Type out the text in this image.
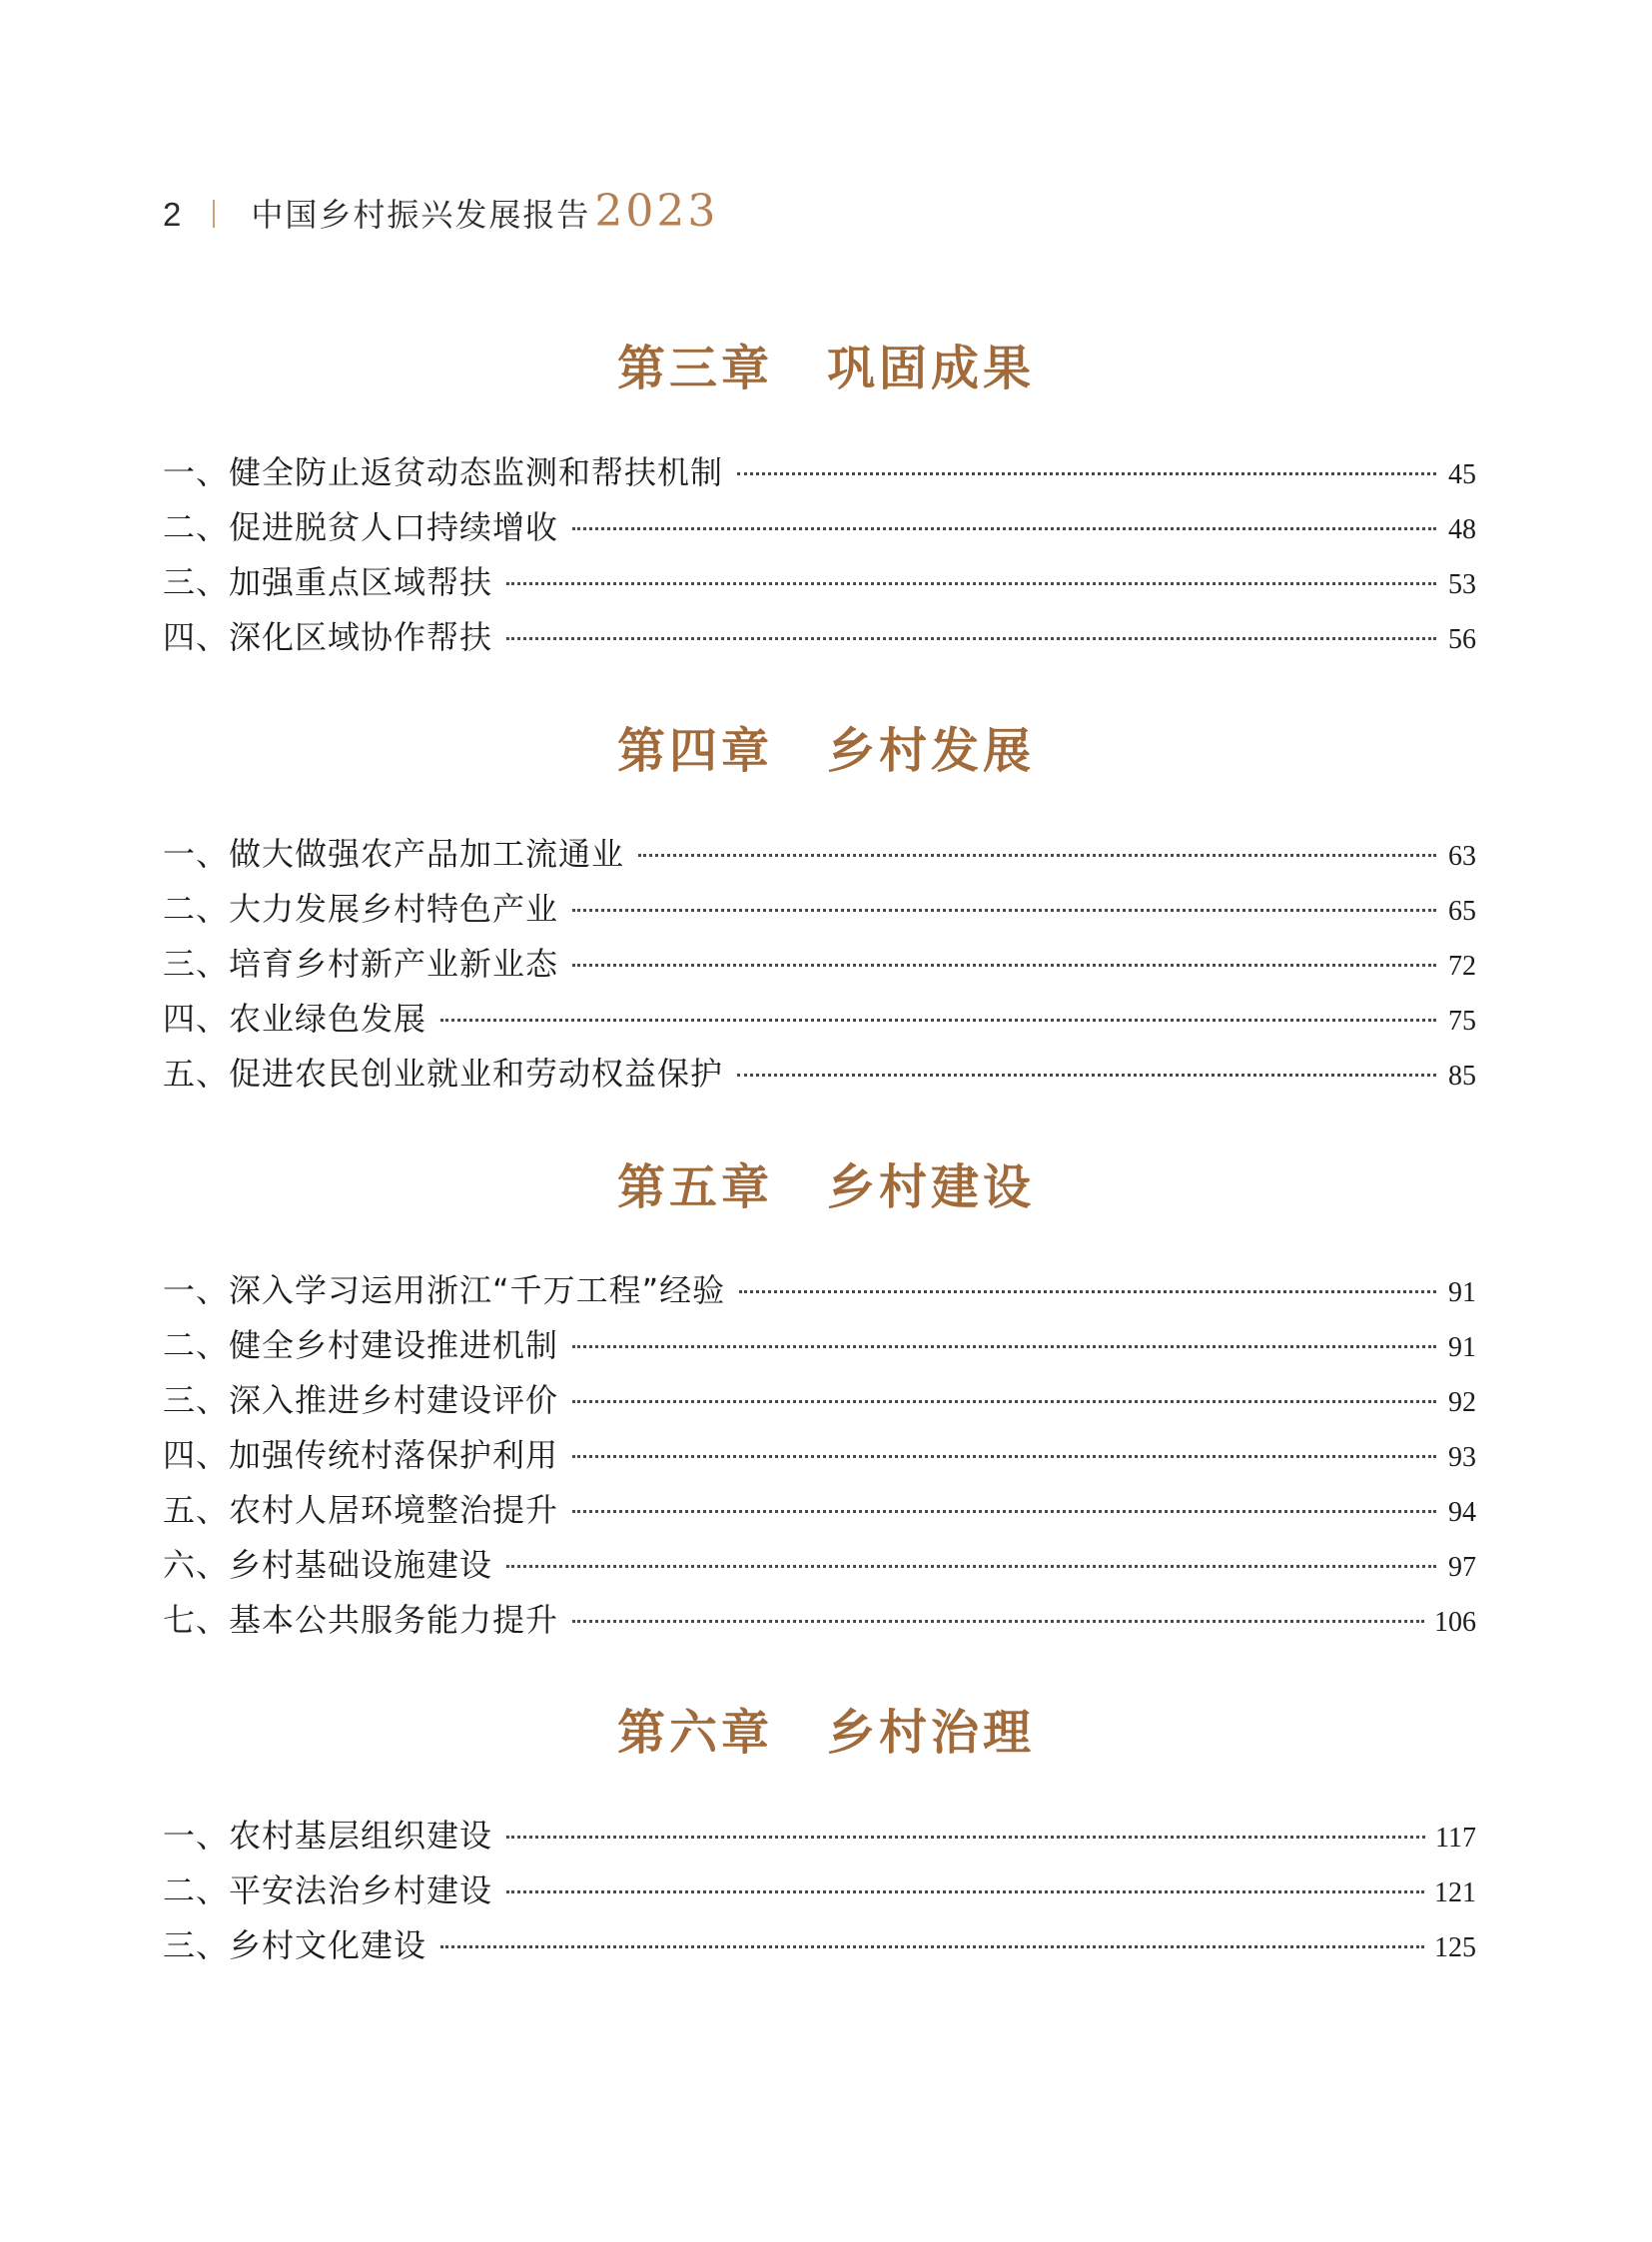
2 中国乡村振兴发展报告 2023
第三章 巩固成果
一、健全防止返贫动态监测和帮扶机制	45
二、促进脱贫人口持续增收	48
三、加强重点区域帮扶	53
四、深化区域协作帮扶	56
第四章 乡村发展
一、做大做强农产品加工流通业	63
二、大力发展乡村特色产业	65
三、培育乡村新产业新业态	72
四、农业绿色发展	75
五、促进农民创业就业和劳动权益保护	85
第五章 乡村建设
一、深入学习运用浙江“千万工程”经验	91
二、健全乡村建设推进机制	91
三、深入推进乡村建设评价	92
四、加强传统村落保护利用	93
五、农村人居环境整治提升	94
六、乡村基础设施建设	97
七、基本公共服务能力提升	106
第六章 乡村治理
一、农村基层组织建设	117
二、平安法治乡村建设	121
三、乡村文化建设	125
